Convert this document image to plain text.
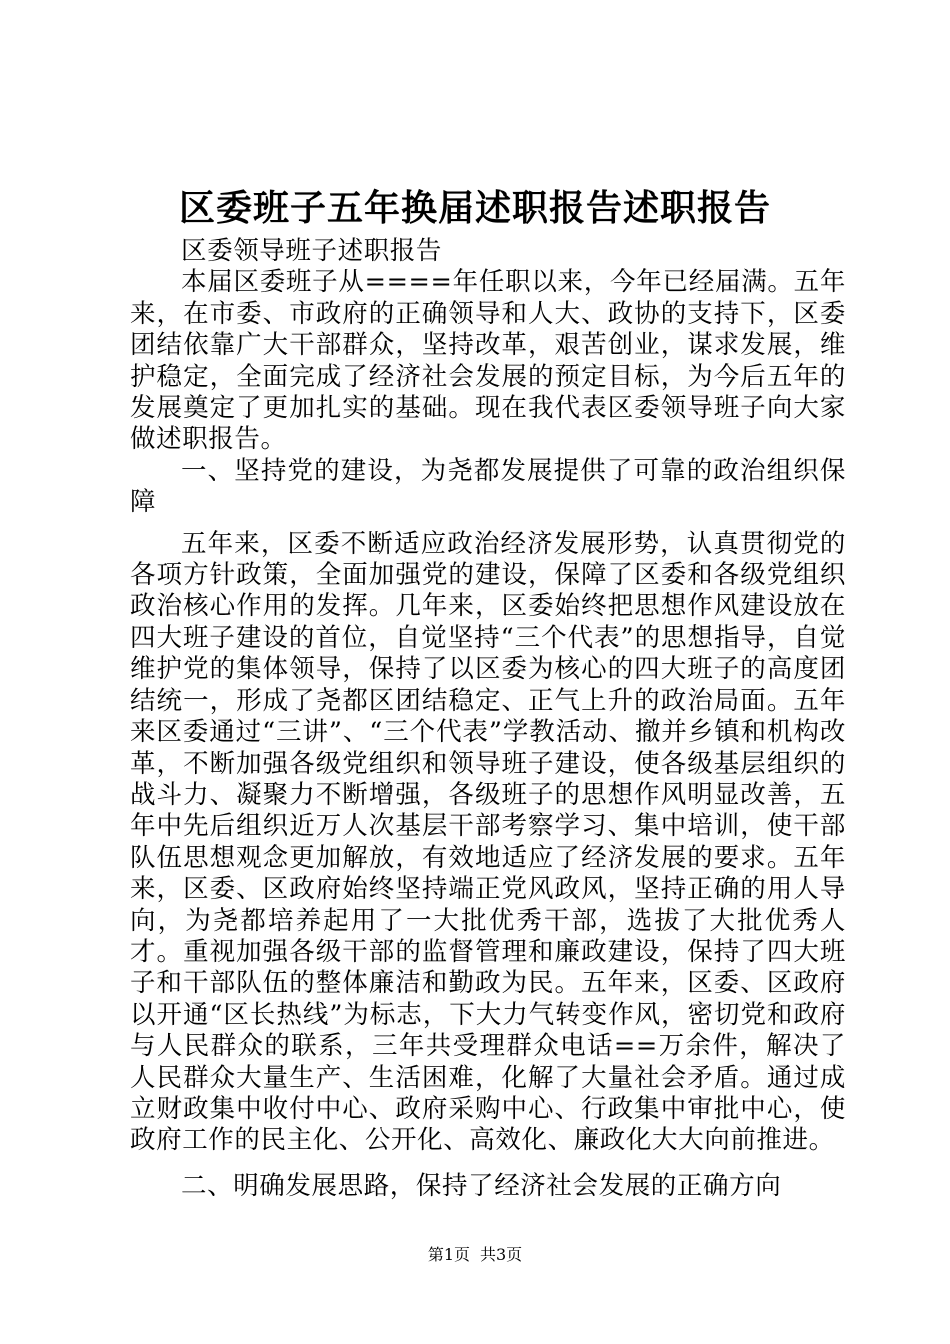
区委班子五年换届述职报告述职报告

区委领导班子述职报告

本届区委班子从====年任职以来，今年已经届满。五年来，在市委、市政府的正确领导和人大、政协的支持下，区委团结依靠广大干部群众，坚持改革，艰苦创业，谋求发展，维护稳定，全面完成了经济社会发展的预定目标，为今后五年的发展奠定了更加扎实的基础。现在我代表区委领导班子向大家做述职报告。

一、坚持党的建设，为尧都发展提供了可靠的政治组织保障

五年来，区委不断适应政治经济发展形势，认真贯彻党的各项方针政策，全面加强党的建设，保障了区委和各级党组织政治核心作用的发挥。几年来，区委始终把思想作风建设放在四大班子建设的首位，自觉坚持“三个代表”的思想指导，自觉维护党的集体领导，保持了以区委为核心的四大班子的高度团结统一，形成了尧都区团结稳定、正气上升的政治局面。五年来区委通过“三讲”、“三个代表”学教活动、撤并乡镇和机构改革，不断加强各级党组织和领导班子建设，使各级基层组织的战斗力、凝聚力不断增强，各级班子的思想作风明显改善，五年中先后组织近万人次基层干部考察学习、集中培训，使干部队伍思想观念更加解放，有效地适应了经济发展的要求。五年来，区委、区政府始终坚持端正党风政风，坚持正确的用人导向，为尧都培养起用了一大批优秀干部，选拔了大批优秀人才。重视加强各级干部的监督管理和廉政建设，保持了四大班子和干部队伍的整体廉洁和勤政为民。五年来，区委、区政府以开通“区长热线”为标志，下大力气转变作风，密切党和政府与人民群众的联系，三年共受理群众电话==万余件，解决了人民群众大量生产、生活困难，化解了大量社会矛盾。通过成立财政集中收付中心、政府采购中心、行政集中审批中心，使政府工作的民主化、公开化、高效化、廉政化大大向前推进。

二、明确发展思路，保持了经济社会发展的正确方向

第1页 共3页
